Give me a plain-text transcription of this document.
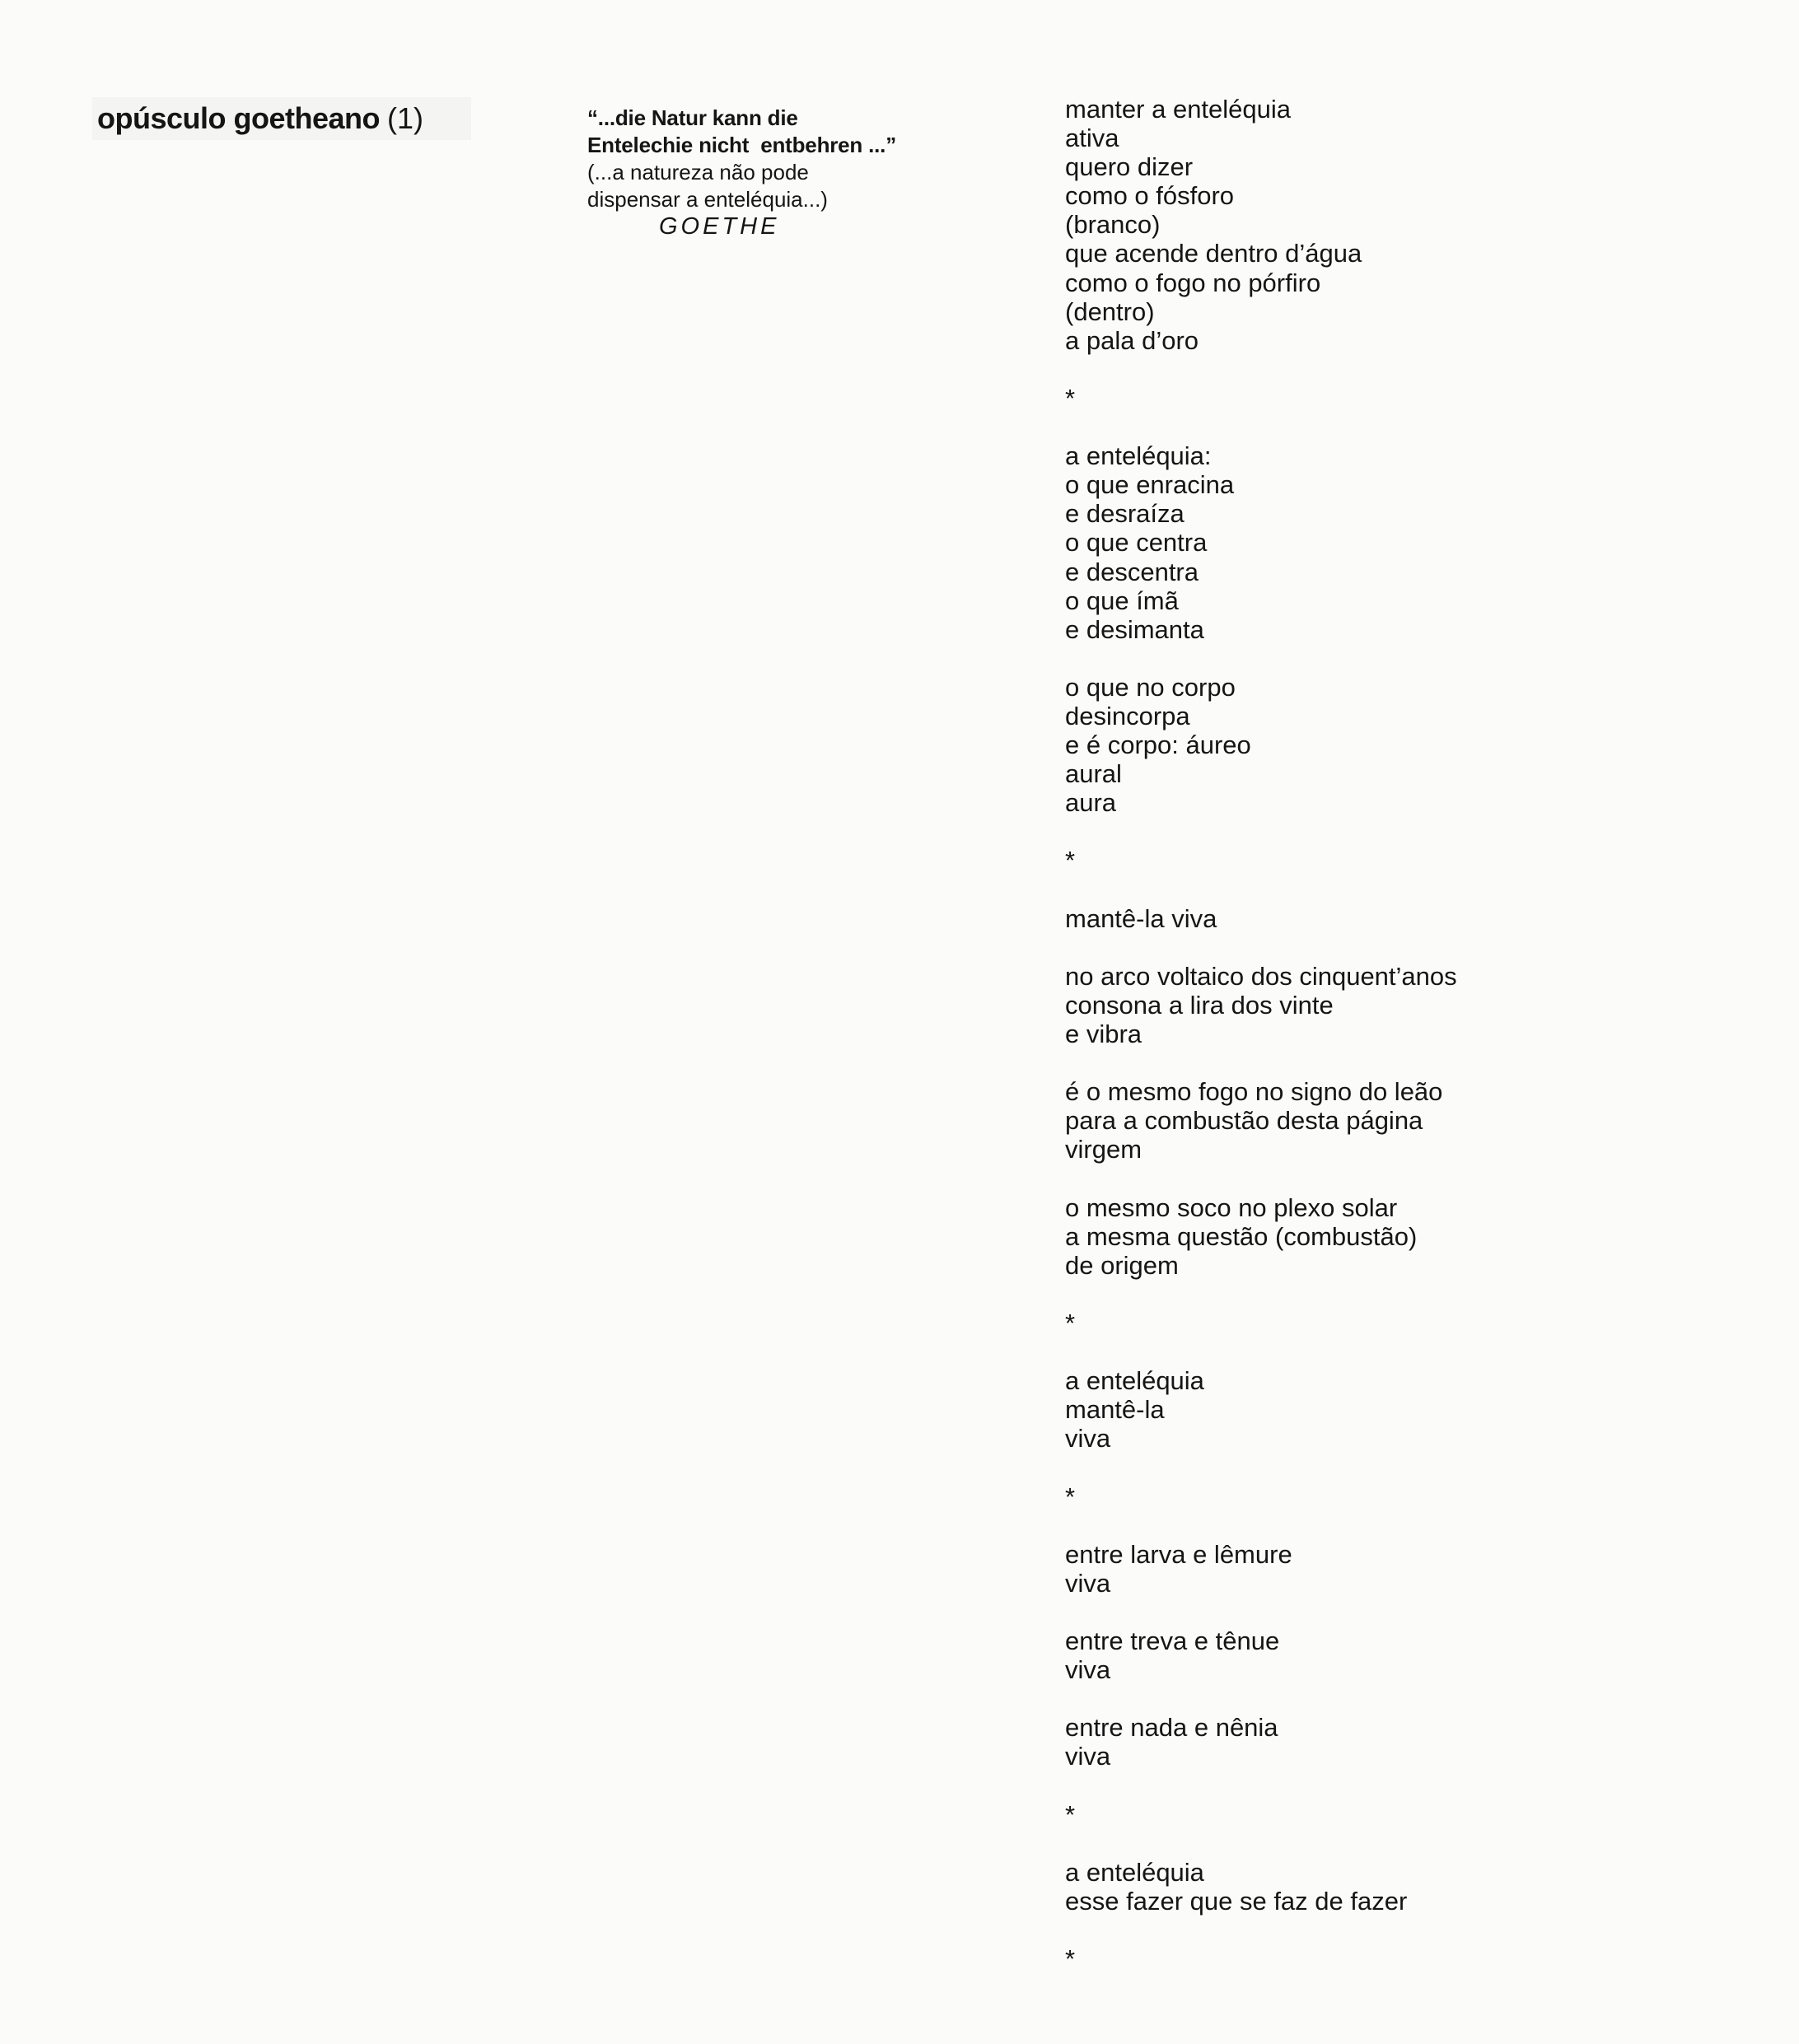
opúsculo goetheano (1)	“...die Natur kann die
Entelechie nicht  entbehren ...”
(...a natureza não pode
dispensar a enteléquia...)
GOETHE
manter a enteléquia
ativa
quero dizer
como o fósforo
(branco)
que acende dentro d’água
como o fogo no pórfiro
(dentro)
a pala d’oro
*
a enteléquia:
o que enracina
e desraíza
o que centra
e descentra
o que ímã
e desimanta
o que no corpo
desincorpa
e é corpo: áureo
aural
aura
*
mantê-la viva
no arco voltaico dos cinquent’anos
consona a lira dos vinte
e vibra
é o mesmo fogo no signo do leão
para a combustão desta página
virgem
o mesmo soco no plexo solar
a mesma questão (combustão)
de origem
*
a enteléquia
mantê-la
viva
*
entre larva e lêmure
viva
entre treva e tênue
viva
entre nada e nênia
viva
*
a enteléquia
esse fazer que se faz de fazer
*
